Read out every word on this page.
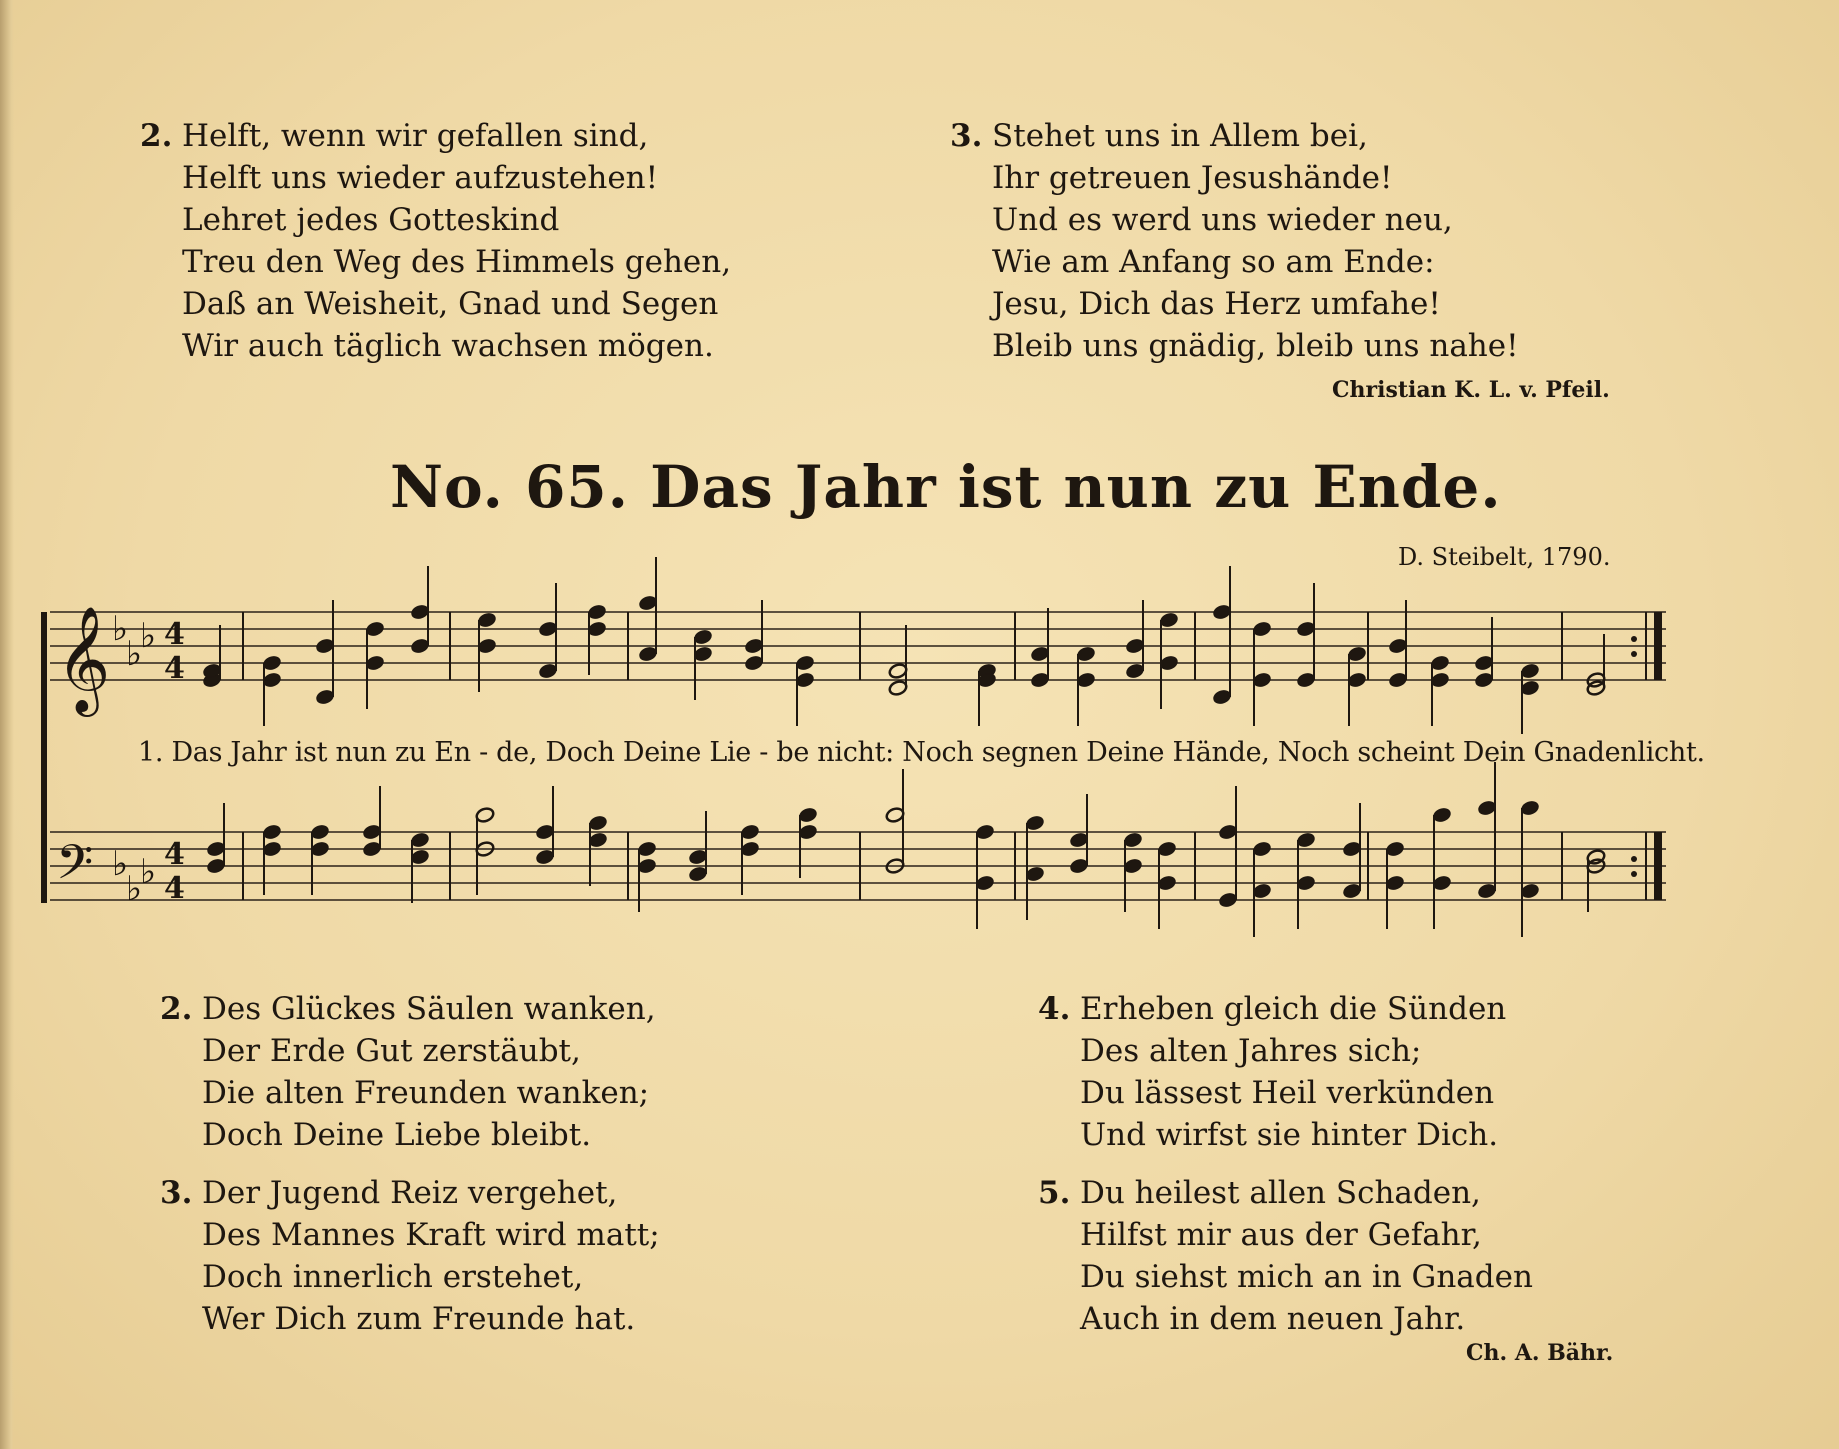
2. Helft, wenn wir gefallen sind,
Helft uns wieder aufzustehen!
Lehret jedes Gotteskind
Treu den Weg des Himmels gehen,
Daß an Weisheit, Gnad und Segen
Wir auch täglich wachsen mögen.
3. Stehet uns in Allem bei,
Ihr getreuen Jesushände!
Und es werd uns wieder neu,
Wie am Anfang so am Ende:
Jesu, Dich das Herz umfahe!
Bleib uns gnädig, bleib uns nahe!
Christian K. L. v. Pfeil.
No. 65. Das Jahr ist nun zu Ende.
D. Steibelt, 1790.
𝄞
𝄢
♭
♭
♭
♭
♭
♭
4
4
4
4
1. Das Jahr ist nun zu En - de, Doch Deine Lie - be nicht: Noch segnen Deine Hände, Noch scheint Dein Gnadenlicht.
2. Des Glückes Säulen wanken,
Der Erde Gut zerstäubt,
Die alten Freunden wanken;
Doch Deine Liebe bleibt.
3. Der Jugend Reiz vergehet,
Des Mannes Kraft wird matt;
Doch innerlich erstehet,
Wer Dich zum Freunde hat.
4. Erheben gleich die Sünden
Des alten Jahres sich;
Du lässest Heil verkünden
Und wirfst sie hinter Dich.
5. Du heilest allen Schaden,
Hilfst mir aus der Gefahr,
Du siehst mich an in Gnaden
Auch in dem neuen Jahr.
Ch. A. Bähr.
